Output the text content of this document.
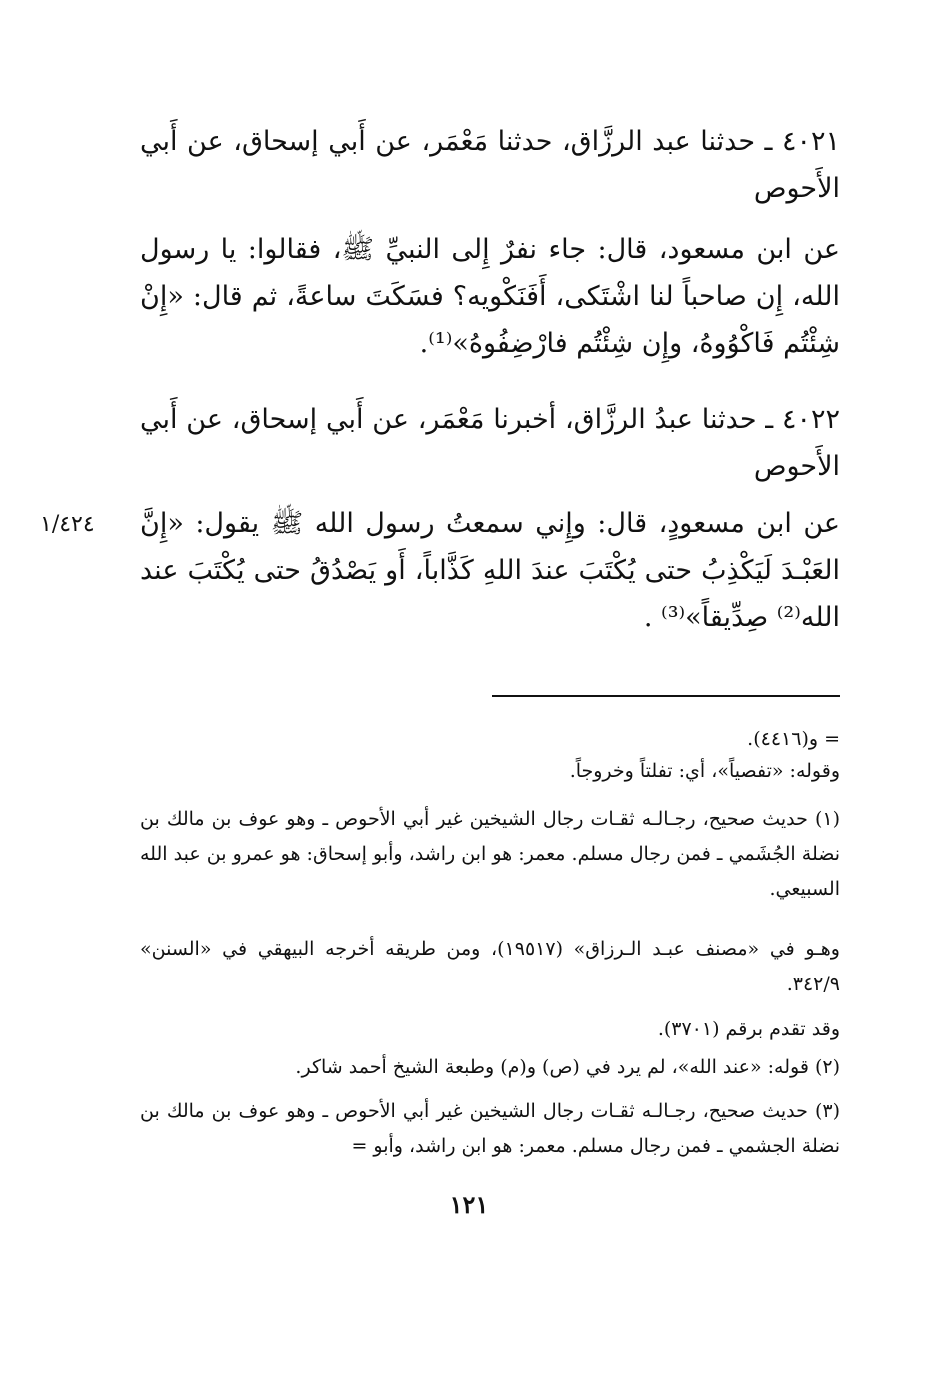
٤٠٢١ ـ حدثنا عبد الرزَّاق، حدثنا مَعْمَر، عن أَبي إسحاق، عن أَبي الأَحوص
عن ابن مسعود، قال: جاء نفرٌ إِلى النبيِّ ﷺ، فقالوا: يا رسول الله، إِن صاحباً لنا اشْتَكى، أَفَنَكْويه؟ فسَكَتَ ساعةً، ثم قال: «إِنْ شِئْتُم فَاكْوُوهُ، وإِن شِئْتُم فارْضِفُوهُ»⁽¹⁾.
٤٠٢٢ ـ حدثنا عبدُ الرزَّاق، أخبرنا مَعْمَر، عن أَبي إسحاق، عن أَبي الأَحوص
عن ابن مسعودٍ، قال: وإِني سمعتُ رسول الله ﷺ يقول: «إِنَّ العَبْـدَ لَيَكْذِبُ حتى يُكْتَبَ عندَ اللهِ كَذَّاباً، أَو يَصْدُقُ حتى يُكْتَبَ عند الله⁽²⁾ صِدِّيقاً»⁽³⁾ .
١/٤٢٤
= و(٤٤١٦).
وقوله: «تفصياً»، أي: تفلتاً وخروجاً.
(١) حديث صحيح، رجـالـه ثقـات رجال الشيخين غير أبي الأحوص ـ وهو عوف بن مالك بن نضلة الجُشَمي ـ فمن رجال مسلم. معمر: هو ابن راشد، وأبو إسحاق: هو عمرو بن عبد الله السبيعي.
وهـو في «مصنف عبـد الـرزاق» (١٩٥١٧)، ومن طريقه أخرجه البيهقي في «السنن» ٣٤٢/٩.
وقد تقدم برقم (٣٧٠١).
(٢) قوله: «عند الله»، لم يرد في (ص) و(م) وطبعة الشيخ أحمد شاكر.
(٣) حديث صحيح، رجـالـه ثقـات رجال الشيخين غير أبي الأحوص ـ وهو عوف بن مالك بن نضلة الجشمي ـ فمن رجال مسلم. معمر: هو ابن راشد، وأبو =
١٢١
